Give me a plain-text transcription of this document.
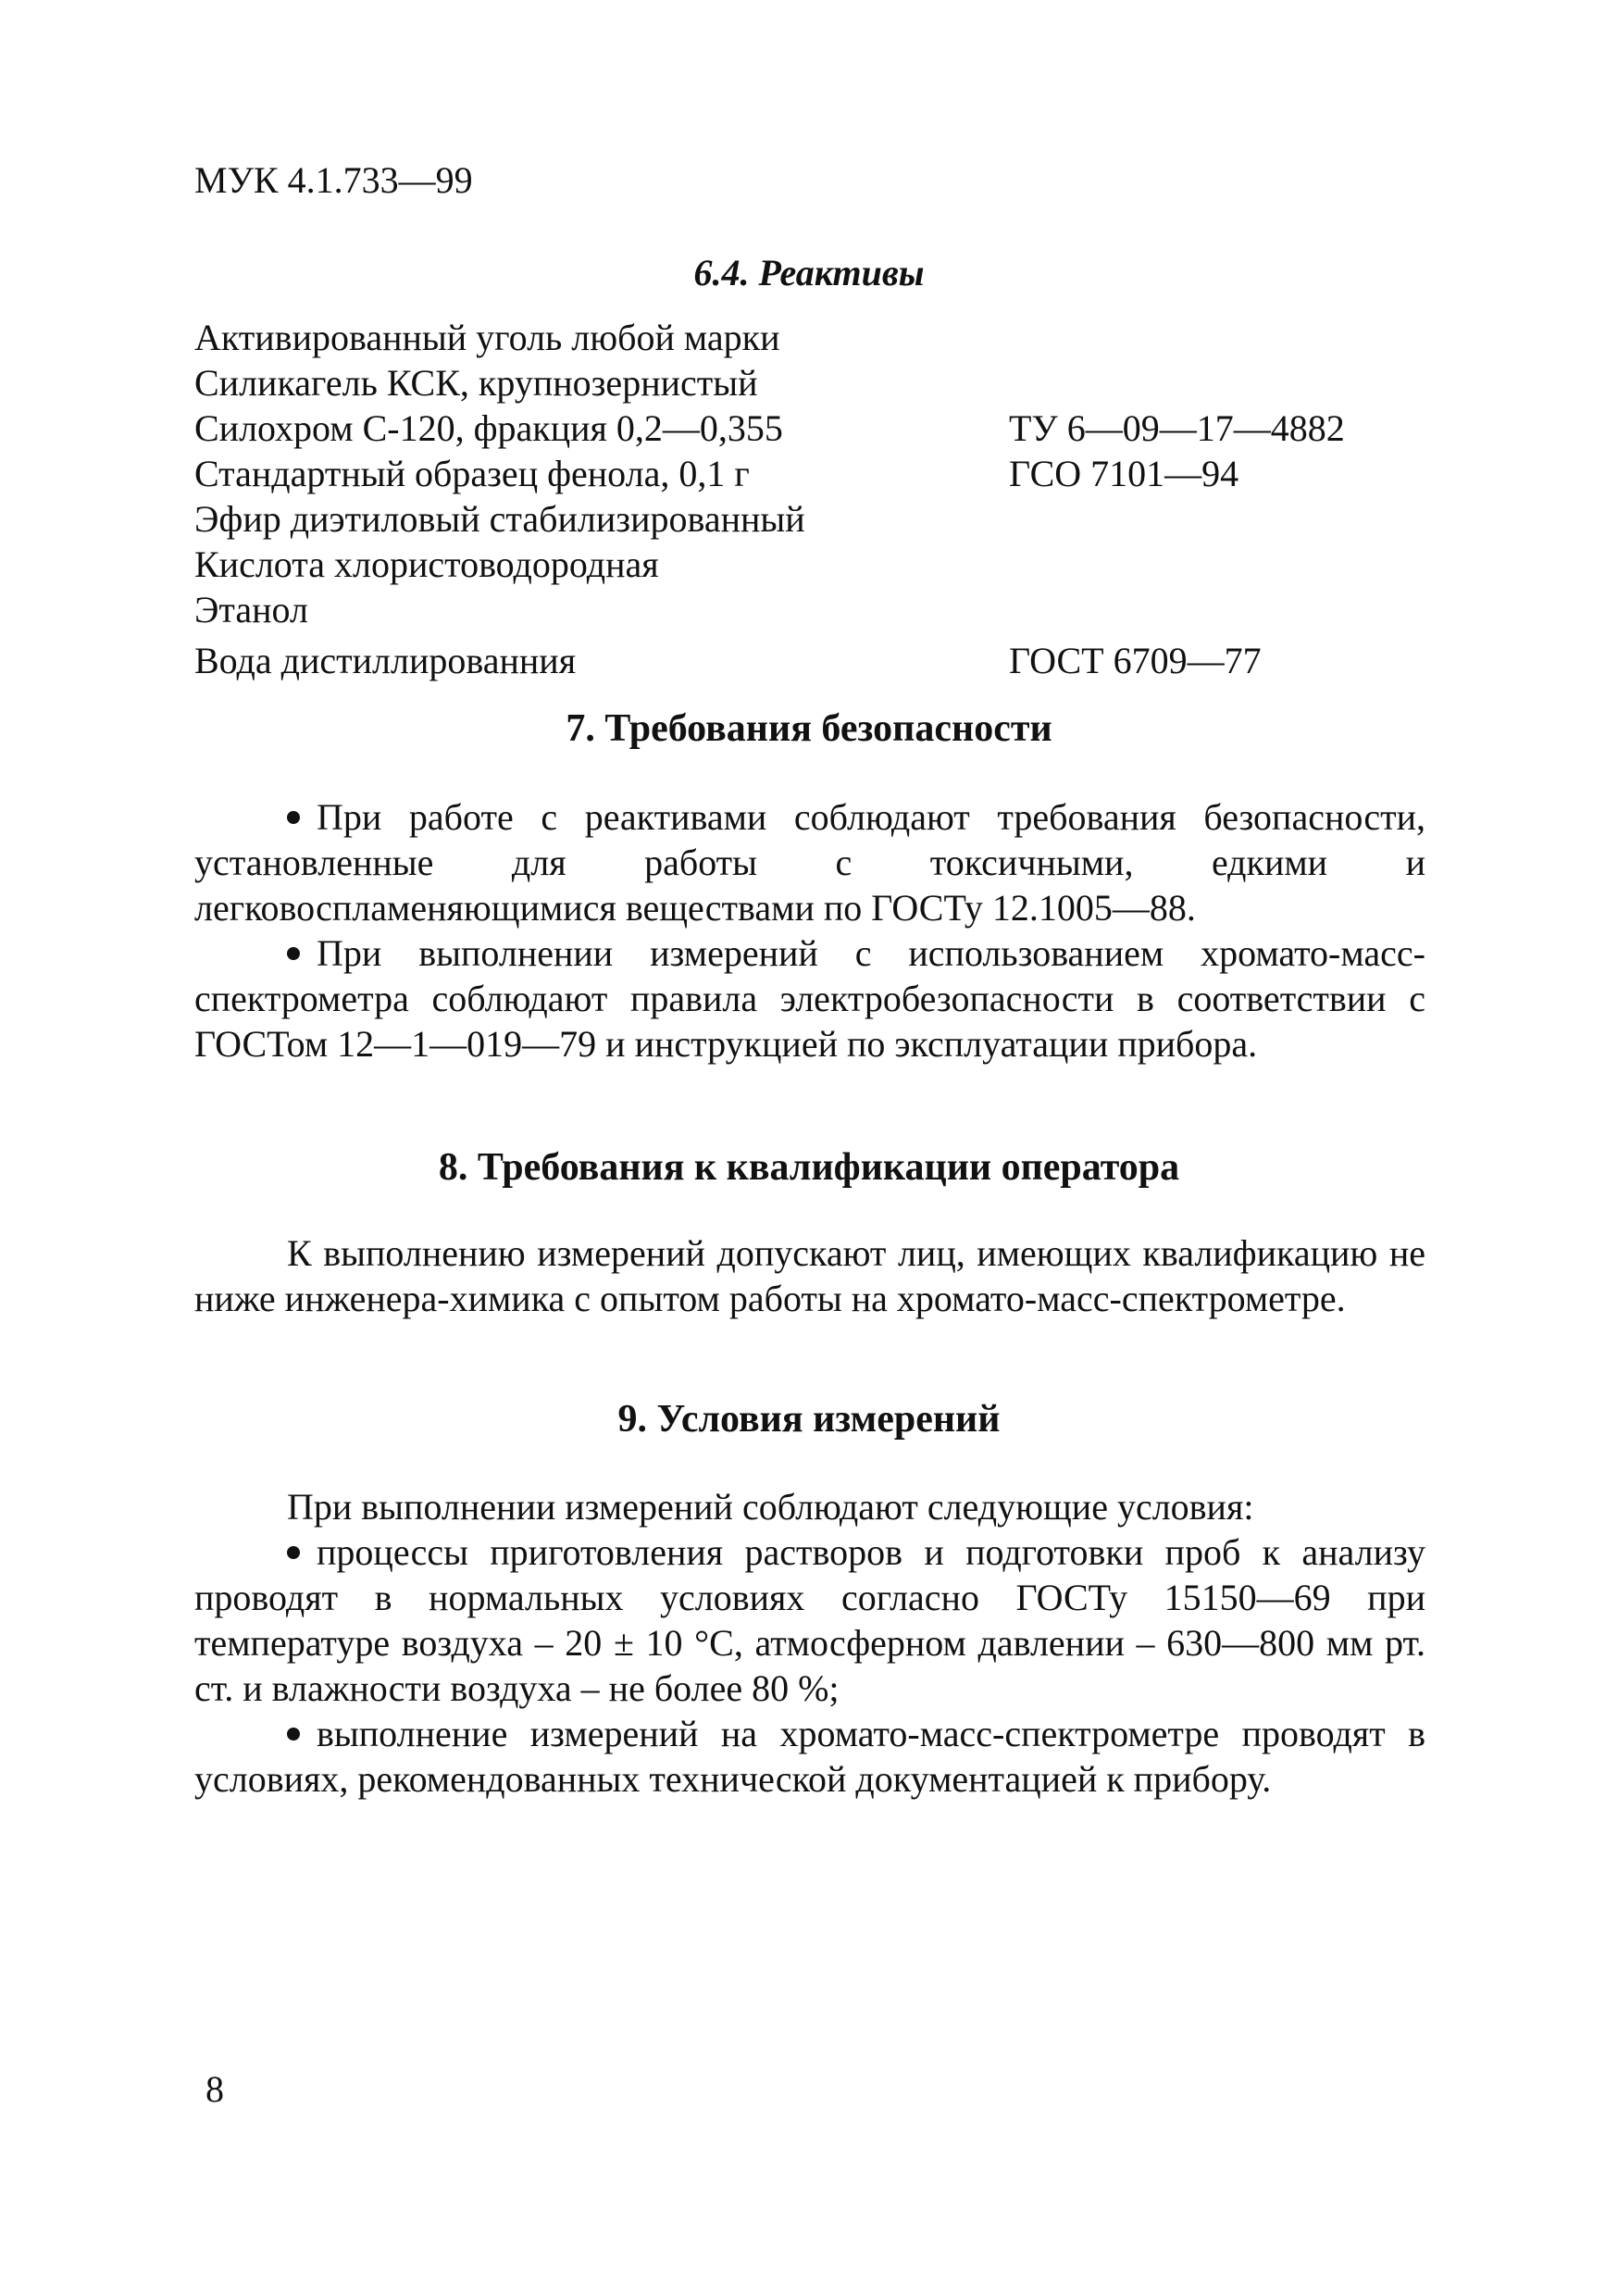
МУК 4.1.733—99
6.4. Реактивы
Активированный уголь любой марки
Силикагель КСК, крупнозернистый
Силохром С-120, фракция 0,2—0,355	ТУ 6—09—17—4882
Стандартный образец фенола, 0,1 г	ГСО 7101—94
Эфир диэтиловый стабилизированный
Кислота хлористоводородная
Этанол
Вода дистиллированния	ГОСТ 6709—77
7. Требования безопасности

При работе с реактивами соблюдают требования безопасности, установленные для работы с токсичными, едкими и легковоспламеняющимися веществами по ГОСТу 12.1005—88.

При выполнении измерений с использованием хромато-масс-спектрометра соблюдают правила электробезопасности в соответствии с ГОСТом 12—1—019—79 и инструкцией по эксплуатации прибора.

8. Требования к квалификации оператора

К выполнению измерений допускают лиц, имеющих квалификацию не ниже инженера-химика с опытом работы на хромато-масс-спектрометре.

9. Условия измерений

При выполнении измерений соблюдают следующие условия:

процессы приготовления растворов и подготовки проб к анализу проводят в нормальных условиях согласно ГОСТу 15150—69 при температуре воздуха – 20 ± 10 °С, атмосферном давлении – 630—800 мм рт. ст. и влажности воздуха – не более 80 %;

выполнение измерений на хромато-масс-спектрометре проводят в условиях, рекомендованных технической документацией к прибору.

8
